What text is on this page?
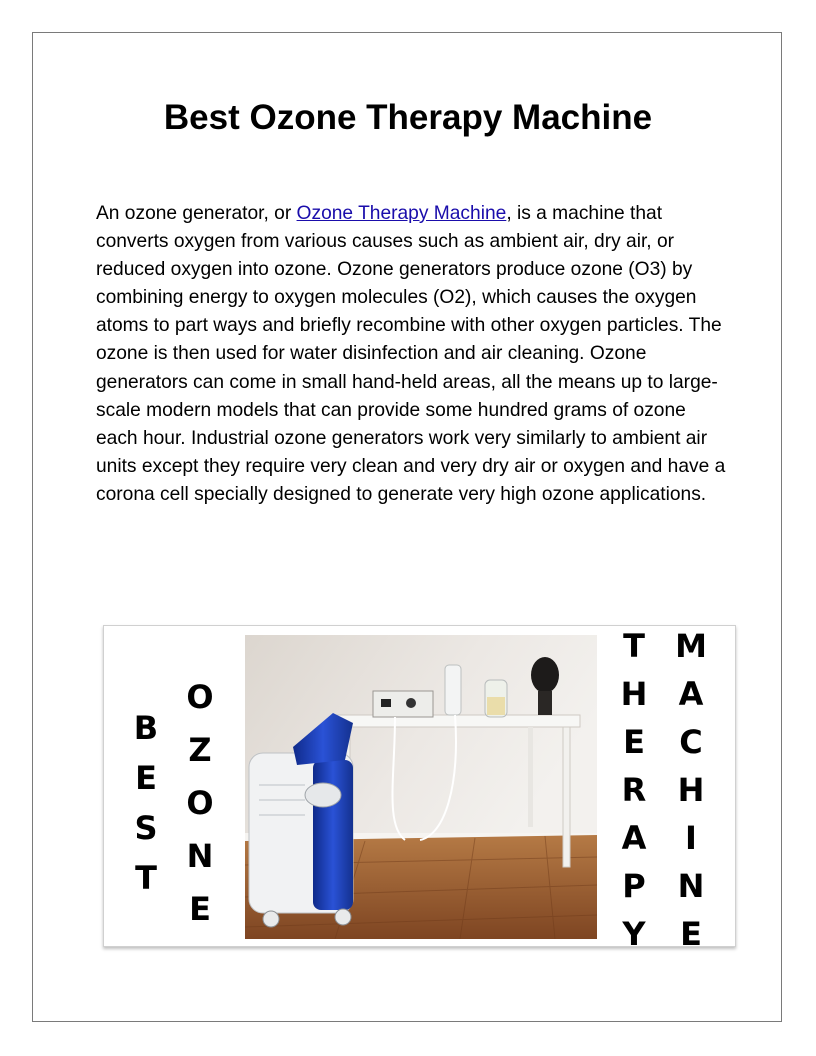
Best Ozone Therapy Machine

An ozone generator, or Ozone Therapy Machine, is a machine that converts oxygen from various causes such as ambient air, dry air, or reduced oxygen into ozone. Ozone generators produce ozone (O3) by combining energy to oxygen molecules (O2), which causes the oxygen atoms to part ways and briefly recombine with other oxygen particles. The ozone is then used for water disinfection and air cleaning. Ozone generators can come in small hand-held areas, all the means up to large-scale modern models that can provide some hundred grams of ozone each hour. Industrial ozone generators work very similarly to ambient air units except they require very clean and very dry air or oxygen and have a corona cell specially designed to generate very high ozone applications.

B
E
S
T
O
Z
O
N
E
T
H
E
R
A
P
Y
M
A
C
H
I
N
E
